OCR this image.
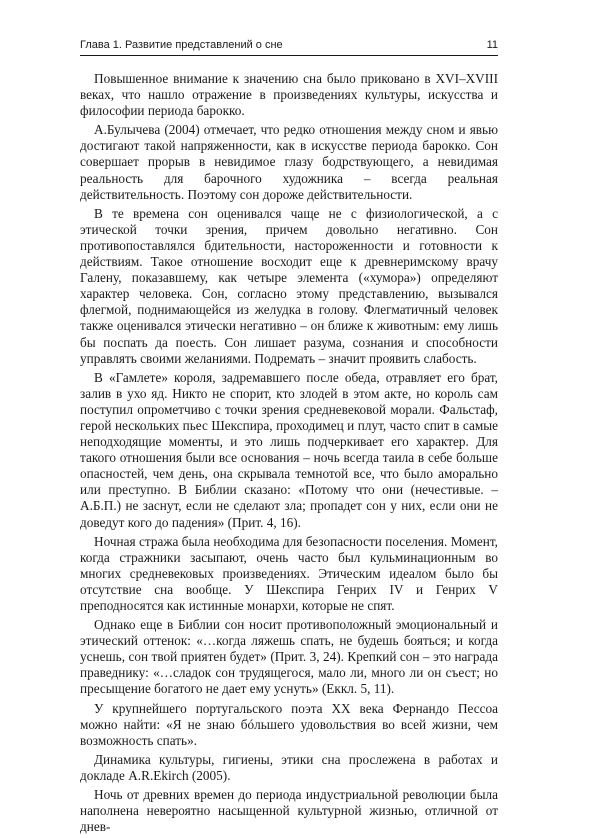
Глава 1. Развитие представлений о сне	11

Повышенное внимание к значению сна было приковано в XVI–XVIII веках, что нашло отражение в произведениях культуры, искусства и философии периода барокко.

А.Булычева (2004) отмечает, что редко отношения между сном и явью достигают такой напряженности, как в искусстве периода барокко. Сон совершает прорыв в невидимое глазу бодрствующего, а невидимая реальность для барочного художника – всегда реальная действительность. Поэтому сон дороже действительности.

В те времена сон оценивался чаще не с физиологической, а с этической точки зрения, причем довольно негативно. Сон противопоставлялся бдительности, настороженности и готовности к действиям. Такое отношение восходит еще к древнеримскому врачу Галену, показавшему, как четыре элемента («хумора») определяют характер человека. Сон, согласно этому представлению, вызывался флегмой, поднимающейся из желудка в голову. Флегматичный человек также оценивался этически негативно – он ближе к животным: ему лишь бы поспать да поесть. Сон лишает разума, сознания и способности управлять своими желаниями. Подремать – значит проявить слабость.

В «Гамлете» короля, задремавшего после обеда, отравляет его брат, залив в ухо яд. Никто не спорит, кто злодей в этом акте, но король сам поступил опрометчиво с точки зрения средневековой морали. Фальстаф, герой нескольких пьес Шекспира, проходимец и плут, часто спит в самые неподходящие моменты, и это лишь подчеркивает его характер. Для такого отношения были все основания – ночь всегда таила в себе больше опасностей, чем день, она скрывала темнотой все, что было аморально или преступно. В Библии сказано: «Потому что они (нечестивые. – А.Б.П.) не заснут, если не сделают зла; пропадет сон у них, если они не доведут кого до падения» (Прит. 4, 16).

Ночная стража была необходима для безопасности поселения. Момент, когда стражники засыпают, очень часто был кульминационным во многих средневековых произведениях. Этическим идеалом было бы отсутствие сна вообще. У Шекспира Генрих IV и Генрих V преподносятся как истинные монархи, которые не спят.

Однако еще в Библии сон носит противоположный эмоциональный и этический оттенок: «…когда ляжешь спать, не будешь бояться; и когда уснешь, сон твой приятен будет» (Прит. 3, 24). Крепкий сон – это награда праведнику: «…сладок сон трудящегося, мало ли, много ли он съест; но пресыщение богатого не дает ему уснуть» (Еккл. 5, 11).

У крупнейшего португальского поэта XX века Фернандо Пессоа можно найти: «Я не знаю бóльшего удовольствия во всей жизни, чем возможность спать».

Динамика культуры, гигиены, этики сна прослежена в работах и докладе A.R.Ekirch (2005).

Ночь от древних времен до периода индустриальной революции была наполнена невероятно насыщенной культурной жизнью, отличной от днев-
